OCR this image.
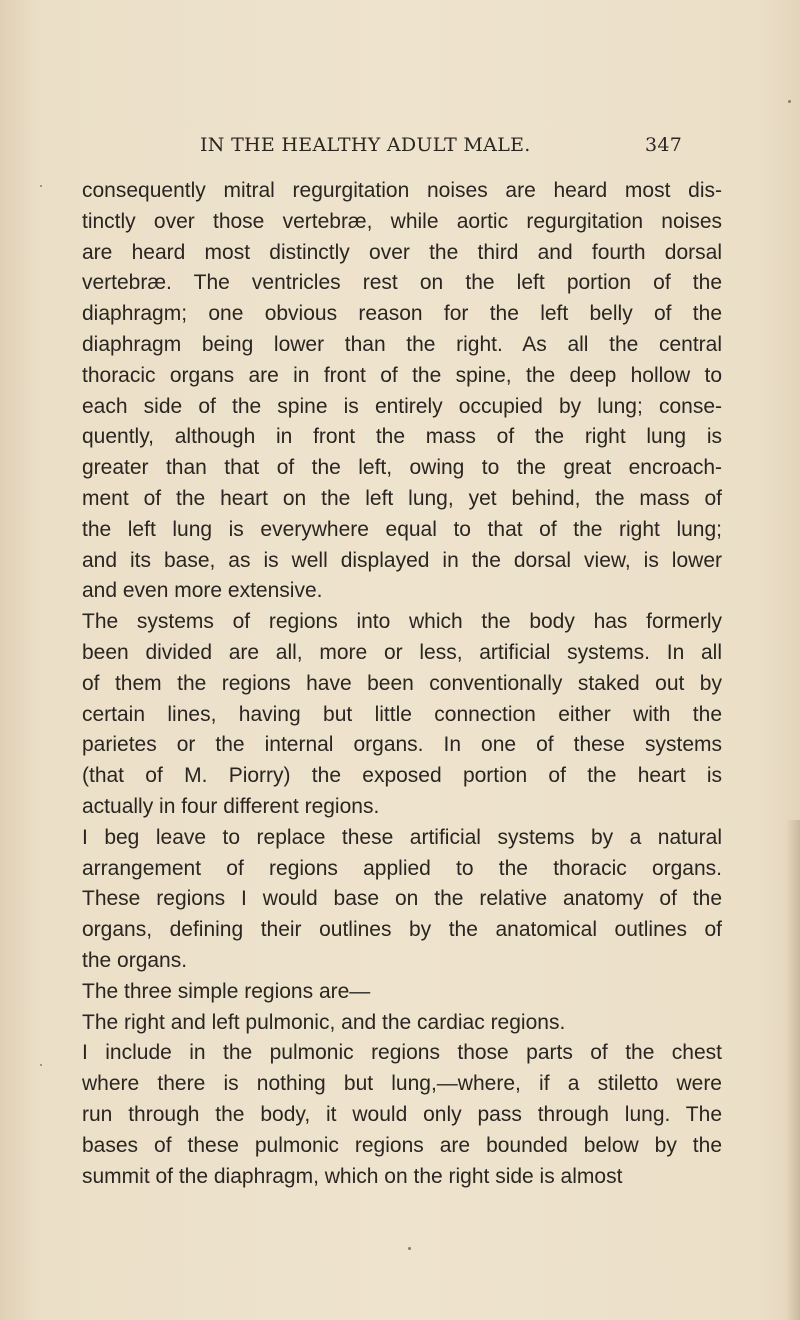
IN THE HEALTHY ADULT MALE.	347
consequently mitral regurgitation noises are heard most dis-
tinctly over those vertebræ, while aortic regurgitation noises
are heard most distinctly over the third and fourth dorsal
vertebræ. The ventricles rest on the left portion of the
diaphragm; one obvious reason for the left belly of the
diaphragm being lower than the right. As all the central
thoracic organs are in front of the spine, the deep hollow to
each side of the spine is entirely occupied by lung; conse-
quently, although in front the mass of the right lung is
greater than that of the left, owing to the great encroach-
ment of the heart on the left lung, yet behind, the mass of
the left lung is everywhere equal to that of the right lung;
and its base, as is well displayed in the dorsal view, is lower
and even more extensive.
The systems of regions into which the body has formerly
been divided are all, more or less, artificial systems. In all
of them the regions have been conventionally staked out by
certain lines, having but little connection either with the
parietes or the internal organs. In one of these systems
(that of M. Piorry) the exposed portion of the heart is
actually in four different regions.
I beg leave to replace these artificial systems by a natural
arrangement of regions applied to the thoracic organs.
These regions I would base on the relative anatomy of the
organs, defining their outlines by the anatomical outlines of
the organs.
The three simple regions are—
The right and left pulmonic, and the cardiac regions.
I include in the pulmonic regions those parts of the chest
where there is nothing but lung,—where, if a stiletto were
run through the body, it would only pass through lung. The
bases of these pulmonic regions are bounded below by the
summit of the diaphragm, which on the right side is almost
